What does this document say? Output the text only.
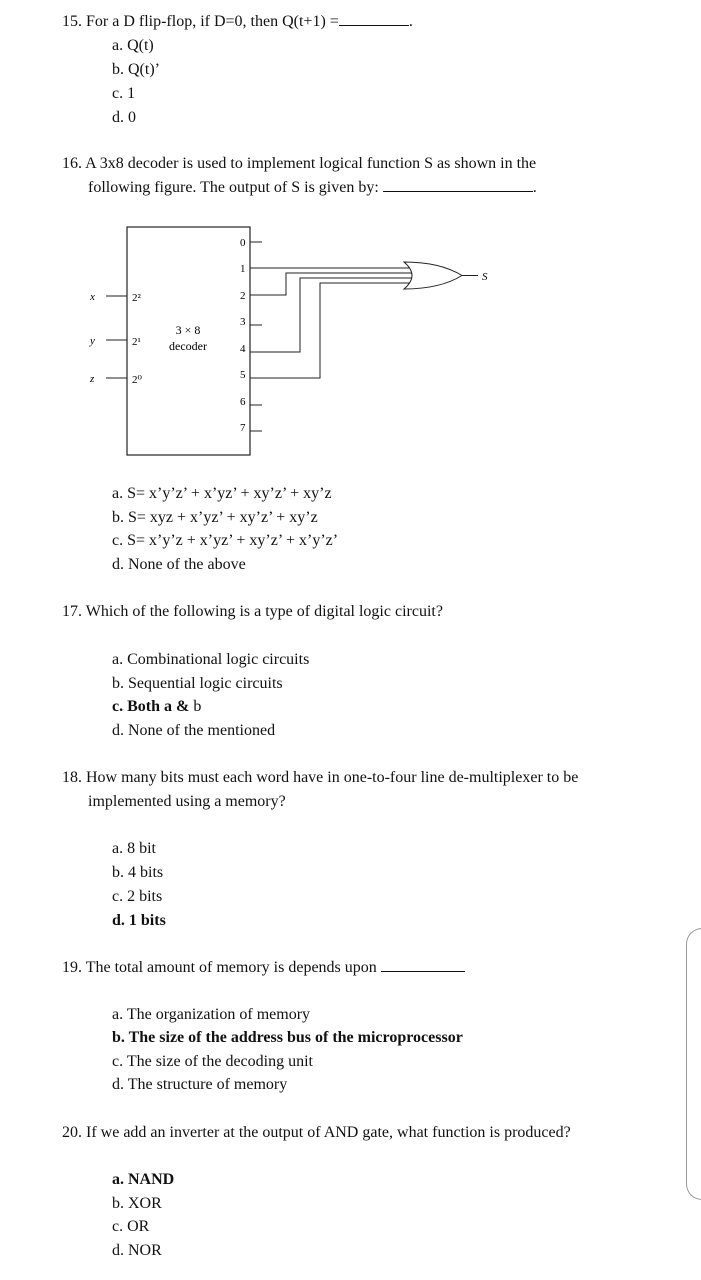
15. For a D flip-flop, if D=0, then Q(t+1) =	.
a. Q(t)
b. Q(t)’
c. 1
d. 0
16. A 3x8 decoder is used to implement logical function S as shown in the
following figure. The output of S is given by:	.
x
y
z
2²
2¹
2⁰
3 × 8
decoder
0
1
2
3
4
5
6
7
S
a. S= x’y’z’ + x’yz’ + xy’z’ + xy’z
b. S= xyz + x’yz’ + xy’z’ + xy’z
c. S= x’y’z + x’yz’ + xy’z’ + x’y’z’
d. None of the above
17. Which of the following is a type of digital logic circuit?
a. Combinational logic circuits
b. Sequential logic circuits
c. Both a & b
d. None of the mentioned
18. How many bits must each word have in one-to-four line de-multiplexer to be
implemented using a memory?
a. 8 bit
b. 4 bits
c. 2 bits
d. 1 bits
19. The total amount of memory is depends upon
a. The organization of memory
b. The size of the address bus of the microprocessor
c. The size of the decoding unit
d. The structure of memory
20. If we add an inverter at the output of AND gate, what function is produced?
a. NAND
b. XOR
c. OR
d. NOR
